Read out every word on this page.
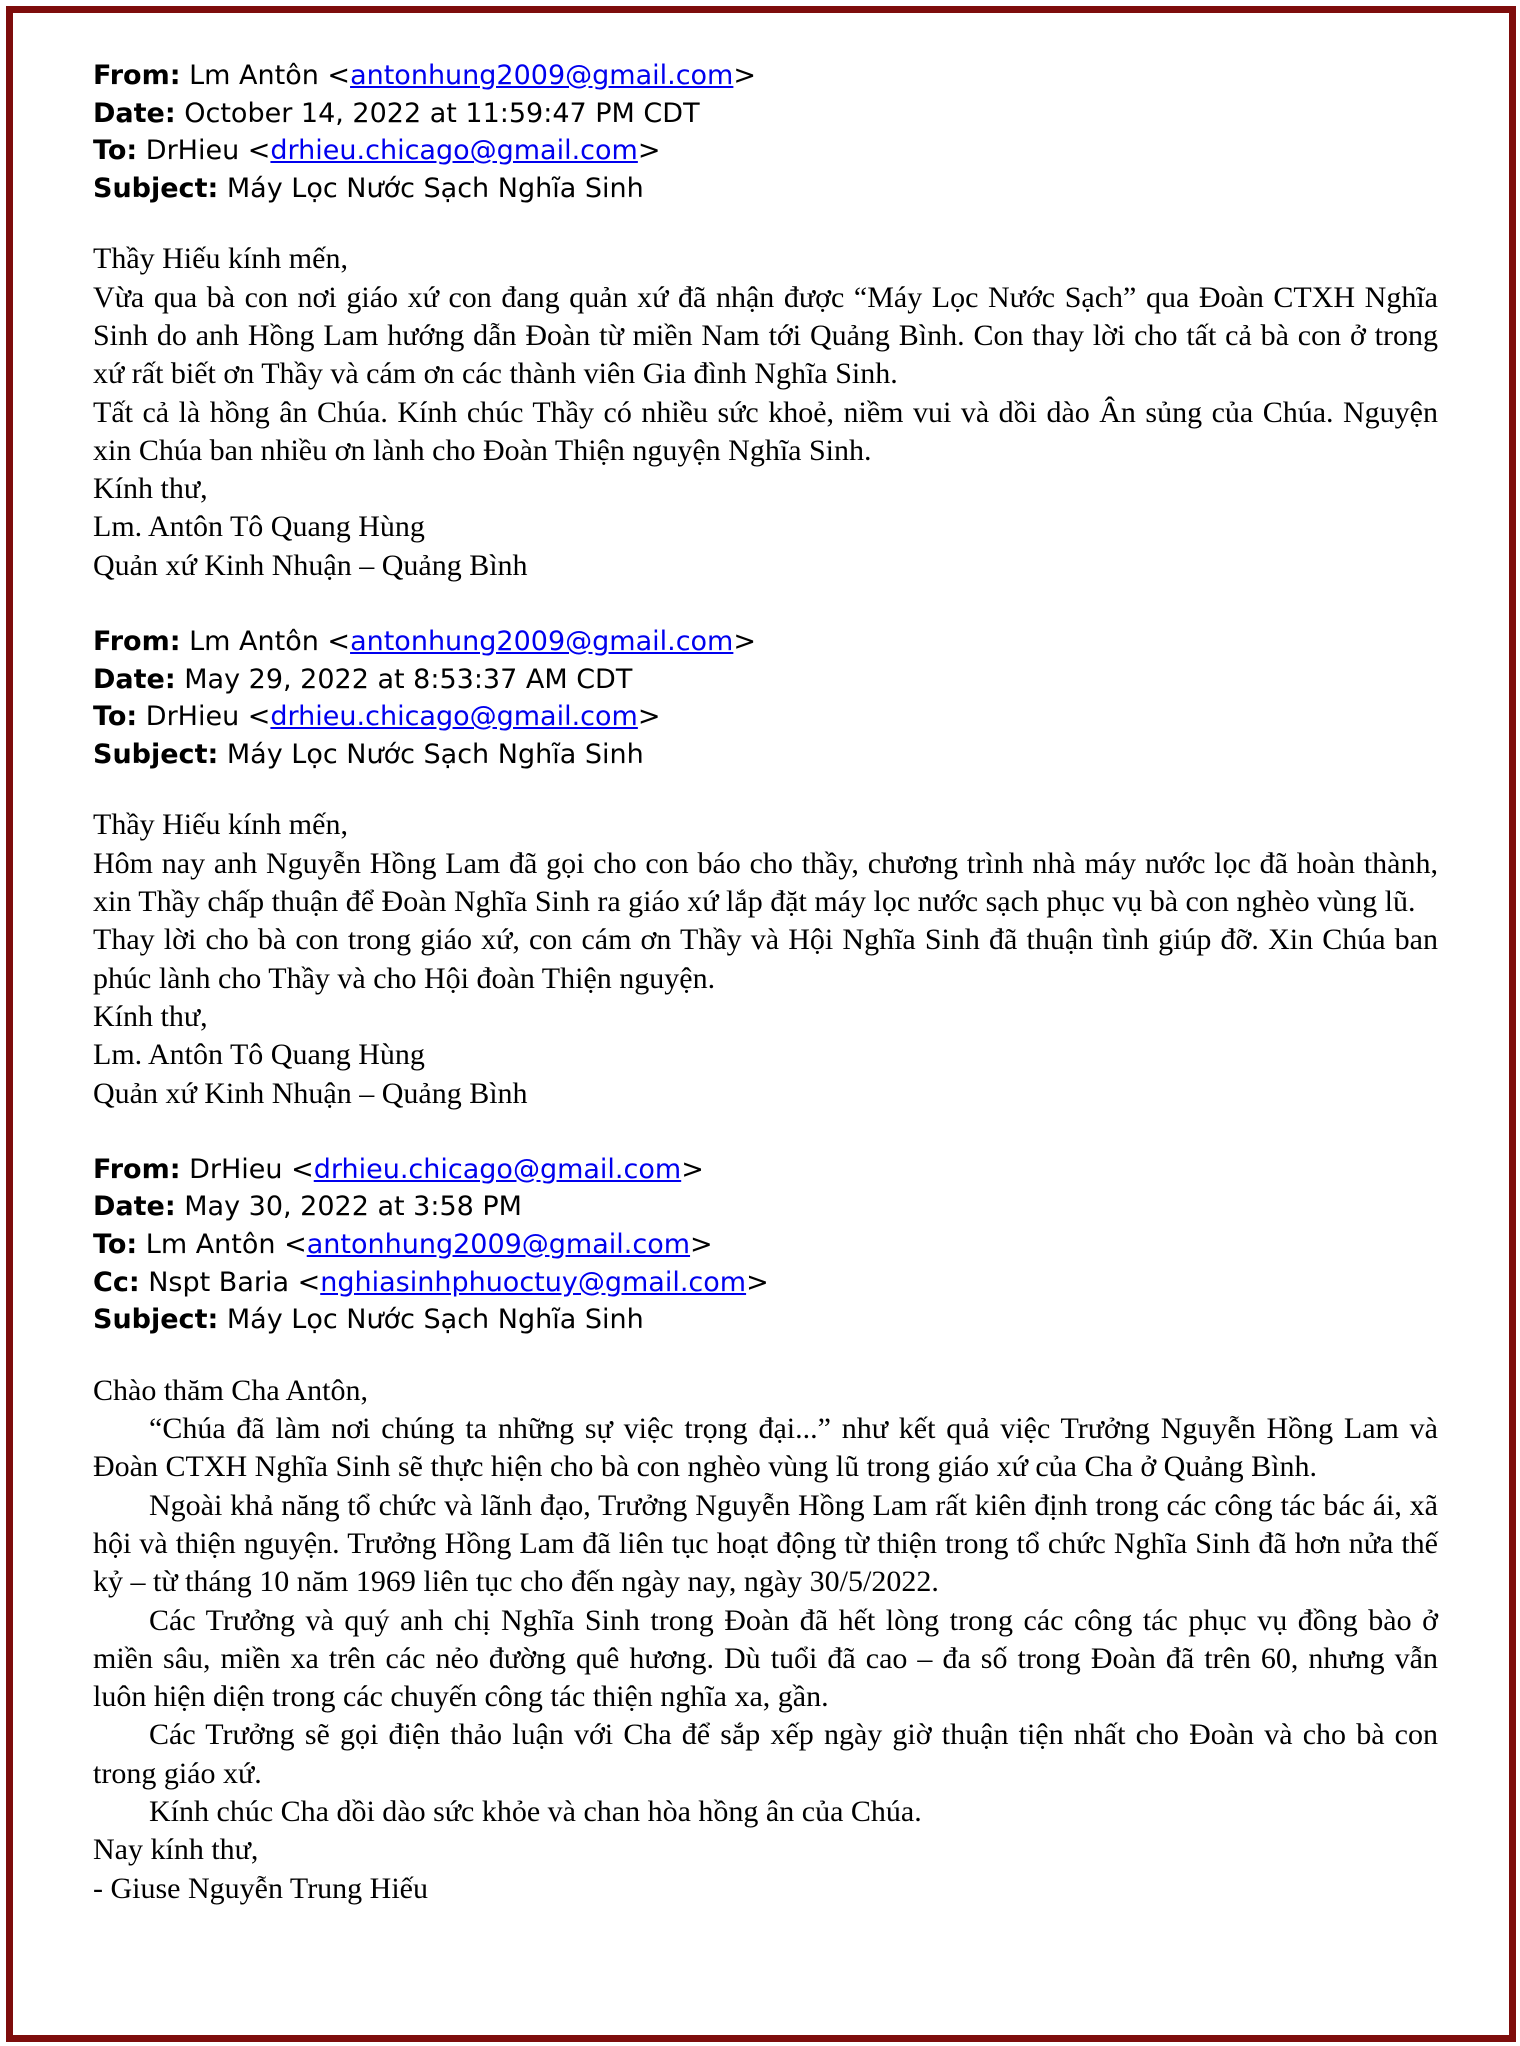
From: Lm Antôn <antonhung2009@gmail.com>
Date: October 14, 2022 at 11:59:47 PM CDT
To: DrHieu <drhieu.chicago@gmail.com>
Subject: Máy Lọc Nước Sạch Nghĩa Sinh

Thầy Hiếu kính mến,

Vừa qua bà con nơi giáo xứ con đang quản xứ đã nhận được “Máy Lọc Nước Sạch” qua Đoàn CTXH Nghĩa Sinh do anh Hồng Lam hướng dẫn Đoàn từ miền Nam tới Quảng Bình. Con thay lời cho tất cả bà con ở trong xứ rất biết ơn Thầy và cám ơn các thành viên Gia đình Nghĩa Sinh.

Tất cả là hồng ân Chúa. Kính chúc Thầy có nhiều sức khoẻ, niềm vui và dồi dào Ân sủng của Chúa. Nguyện xin Chúa ban nhiều ơn lành cho Đoàn Thiện nguyện Nghĩa Sinh.

Kính thư,

Lm. Antôn Tô Quang Hùng

Quản xứ Kinh Nhuận – Quảng Bình

From: Lm Antôn <antonhung2009@gmail.com>
Date: May 29, 2022 at 8:53:37 AM CDT
To: DrHieu <drhieu.chicago@gmail.com>
Subject: Máy Lọc Nước Sạch Nghĩa Sinh

Thầy Hiếu kính mến,

Hôm nay anh Nguyễn Hồng Lam đã gọi cho con báo cho thầy, chương trình nhà máy nước lọc đã hoàn thành, xin Thầy chấp thuận để Đoàn Nghĩa Sinh ra giáo xứ lắp đặt máy lọc nước sạch phục vụ bà con nghèo vùng lũ.

Thay lời cho bà con trong giáo xứ, con cám ơn Thầy và Hội Nghĩa Sinh đã thuận tình giúp đỡ. Xin Chúa ban phúc lành cho Thầy và cho Hội đoàn Thiện nguyện.

Kính thư,

Lm. Antôn Tô Quang Hùng

Quản xứ Kinh Nhuận – Quảng Bình

From: DrHieu <drhieu.chicago@gmail.com>
Date: May 30, 2022 at 3:58 PM
To: Lm Antôn <antonhung2009@gmail.com>
Cc: Nspt Baria <nghiasinhphuoctuy@gmail.com>
Subject: Máy Lọc Nước Sạch Nghĩa Sinh

Chào thăm Cha Antôn,

“Chúa đã làm nơi chúng ta những sự việc trọng đại...” như kết quả việc Trưởng Nguyễn Hồng Lam và Đoàn CTXH Nghĩa Sinh sẽ thực hiện cho bà con nghèo vùng lũ trong giáo xứ của Cha ở Quảng Bình.

Ngoài khả năng tổ chức và lãnh đạo, Trưởng Nguyễn Hồng Lam rất kiên định trong các công tác bác ái, xã hội và thiện nguyện. Trưởng Hồng Lam đã liên tục hoạt động từ thiện trong tổ chức Nghĩa Sinh đã hơn nửa thế kỷ – từ tháng 10 năm 1969 liên tục cho đến ngày nay, ngày 30/5/2022.

Các Trưởng và quý anh chị Nghĩa Sinh trong Đoàn đã hết lòng trong các công tác phục vụ đồng bào ở miền sâu, miền xa trên các nẻo đường quê hương. Dù tuổi đã cao – đa số trong Đoàn đã trên 60, nhưng vẫn luôn hiện diện trong các chuyến công tác thiện nghĩa xa, gần.

Các Trưởng sẽ gọi điện thảo luận với Cha để sắp xếp ngày giờ thuận tiện nhất cho Đoàn và cho bà con trong giáo xứ.

Kính chúc Cha dồi dào sức khỏe và chan hòa hồng ân của Chúa.

Nay kính thư,

- Giuse Nguyễn Trung Hiếu
